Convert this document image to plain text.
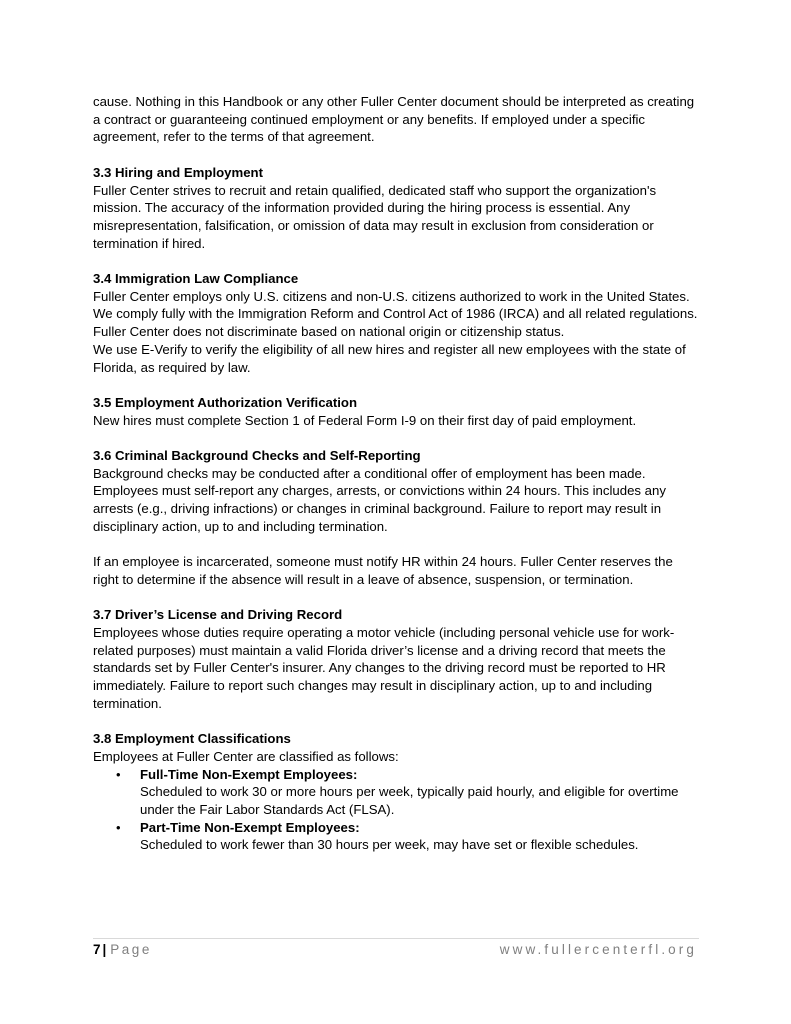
cause. Nothing in this Handbook or any other Fuller Center document should be interpreted as creating a contract or guaranteeing continued employment or any benefits. If employed under a specific agreement, refer to the terms of that agreement.

3.3 Hiring and Employment

Fuller Center strives to recruit and retain qualified, dedicated staff who support the organization's mission. The accuracy of the information provided during the hiring process is essential. Any misrepresentation, falsification, or omission of data may result in exclusion from consideration or termination if hired.

3.4 Immigration Law Compliance

Fuller Center employs only U.S. citizens and non-U.S. citizens authorized to work in the United States. We comply fully with the Immigration Reform and Control Act of 1986 (IRCA) and all related regulations. Fuller Center does not discriminate based on national origin or citizenship status.

We use E-Verify to verify the eligibility of all new hires and register all new employees with the state of Florida, as required by law.

3.5 Employment Authorization Verification

New hires must complete Section 1 of Federal Form I-9 on their first day of paid employment.

3.6 Criminal Background Checks and Self-Reporting

Background checks may be conducted after a conditional offer of employment has been made. Employees must self-report any charges, arrests, or convictions within 24 hours. This includes any arrests (e.g., driving infractions) or changes in criminal background. Failure to report may result in disciplinary action, up to and including termination.

If an employee is incarcerated, someone must notify HR within 24 hours. Fuller Center reserves the right to determine if the absence will result in a leave of absence, suspension, or termination.

3.7 Driver’s License and Driving Record

Employees whose duties require operating a motor vehicle (including personal vehicle use for work-related purposes) must maintain a valid Florida driver’s license and a driving record that meets the standards set by Fuller Center's insurer. Any changes to the driving record must be reported to HR immediately. Failure to report such changes may result in disciplinary action, up to and including termination.

3.8 Employment Classifications

Employees at Fuller Center are classified as follows:

• Full-Time Non-Exempt Employees:
Scheduled to work 30 or more hours per week, typically paid hourly, and eligible for overtime under the Fair Labor Standards Act (FLSA).
• Part-Time Non-Exempt Employees:
Scheduled to work fewer than 30 hours per week, may have set or flexible schedules.
7 | Page	www.fullercenterfl.org
